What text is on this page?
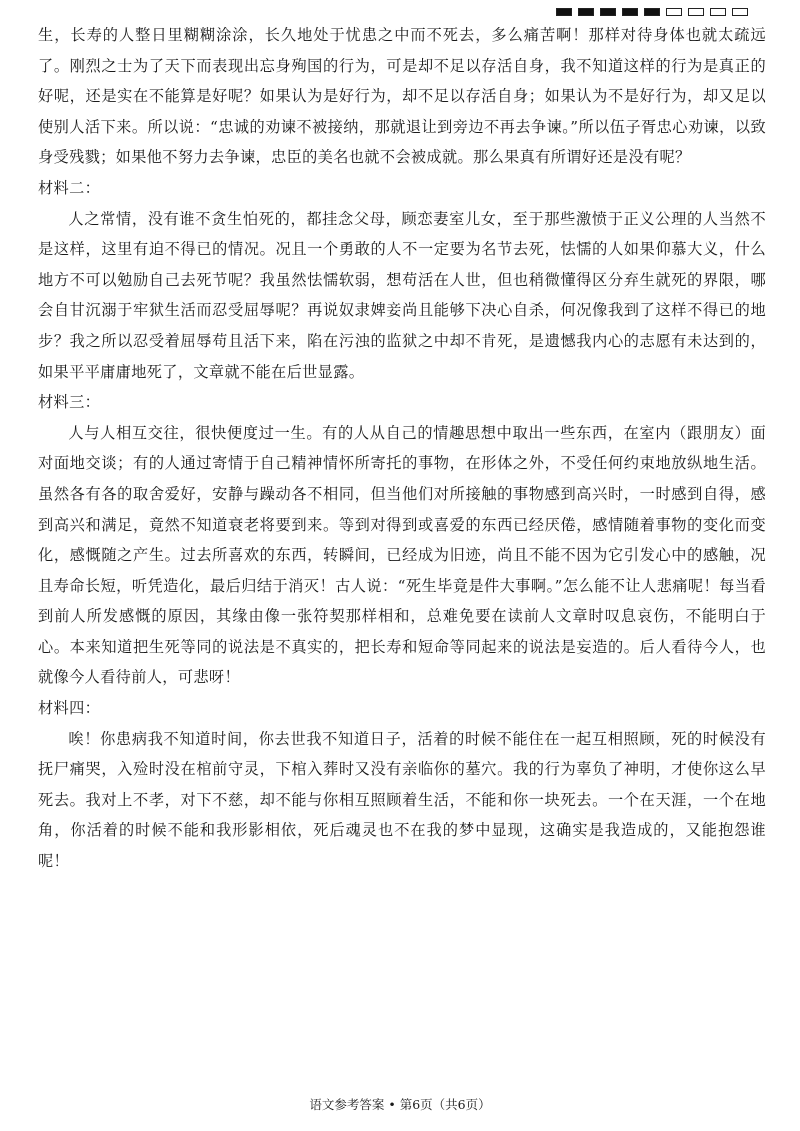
生，长寿的人整日里糊糊涂涂，长久地处于忧患之中而不死去，多么痛苦啊！那样对待身体也就太疏远了。刚烈之士为了天下而表现出忘身殉国的行为，可是却不足以存活自身，我不知道这样的行为是真正的好呢，还是实在不能算是好呢？如果认为是好行为，却不足以存活自身；如果认为不是好行为，却又足以使别人活下来。所以说：“忠诚的劝谏不被接纳，那就退让到旁边不再去争谏。”所以伍子胥忠心劝谏，以致身受残戮；如果他不努力去争谏，忠臣的美名也就不会被成就。那么果真有所谓好还是没有呢？

材料二：

人之常情，没有谁不贪生怕死的，都挂念父母，顾恋妻室儿女，至于那些激愤于正义公理的人当然不是这样，这里有迫不得已的情况。况且一个勇敢的人不一定要为名节去死，怯懦的人如果仰慕大义，什么地方不可以勉励自己去死节呢？我虽然怯懦软弱，想苟活在人世，但也稍微懂得区分弃生就死的界限，哪会自甘沉溺于牢狱生活而忍受屈辱呢？再说奴隶婢妾尚且能够下决心自杀，何况像我到了这样不得已的地步？我之所以忍受着屈辱苟且活下来，陷在污浊的监狱之中却不肯死，是遗憾我内心的志愿有未达到的，如果平平庸庸地死了，文章就不能在后世显露。

材料三：

人与人相互交往，很快便度过一生。有的人从自己的情趣思想中取出一些东西，在室内（跟朋友）面对面地交谈；有的人通过寄情于自己精神情怀所寄托的事物，在形体之外，不受任何约束地放纵地生活。虽然各有各的取舍爱好，安静与躁动各不相同，但当他们对所接触的事物感到高兴时，一时感到自得，感到高兴和满足，竟然不知道衰老将要到来。等到对得到或喜爱的东西已经厌倦，感情随着事物的变化而变化，感慨随之产生。过去所喜欢的东西，转瞬间，已经成为旧迹，尚且不能不因为它引发心中的感触，况且寿命长短，听凭造化，最后归结于消灭！古人说：“死生毕竟是件大事啊。”怎么能不让人悲痛呢！每当看到前人所发感慨的原因，其缘由像一张符契那样相和，总难免要在读前人文章时叹息哀伤，不能明白于心。本来知道把生死等同的说法是不真实的，把长寿和短命等同起来的说法是妄造的。后人看待今人，也就像今人看待前人，可悲呀！

材料四：

唉！你患病我不知道时间，你去世我不知道日子，活着的时候不能住在一起互相照顾，死的时候没有抚尸痛哭，入殓时没在棺前守灵，下棺入葬时又没有亲临你的墓穴。我的行为辜负了神明，才使你这么早死去。我对上不孝，对下不慈，却不能与你相互照顾着生活，不能和你一块死去。一个在天涯，一个在地角，你活着的时候不能和我形影相依，死后魂灵也不在我的梦中显现，这确实是我造成的，又能抱怨谁呢！

语文参考答案 • 第6页（共6页）
